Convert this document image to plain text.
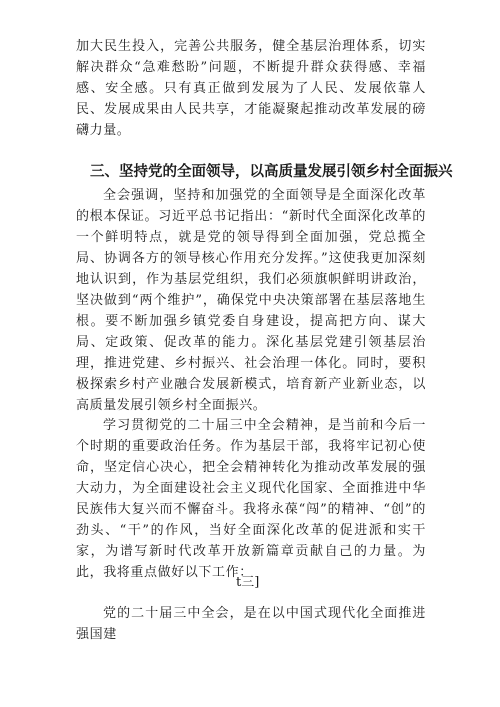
加大民生投入，完善公共服务，健全基层治理体系，切实解决群众“急难愁盼”问题，不断提升群众获得感、幸福感、安全感。只有真正做到发展为了人民、发展依靠人民、发展成果由人民共享，才能凝聚起推动改革发展的磅礴力量。

三、坚持党的全面领导，以高质量发展引领乡村全面振兴

全会强调，坚持和加强党的全面领导是全面深化改革的根本保证。习近平总书记指出：“新时代全面深化改革的一个鲜明特点，就是党的领导得到全面加强，党总揽全局、协调各方的领导核心作用充分发挥。”这使我更加深刻地认识到，作为基层党组织，我们必须旗帜鲜明讲政治，坚决做到“两个维护”，确保党中央决策部署在基层落地生根。要不断加强乡镇党委自身建设，提高把方向、谋大局、定政策、促改革的能力。深化基层党建引领基层治理，推进党建、乡村振兴、社会治理一体化。同时，要积极探索乡村产业融合发展新模式，培育新产业新业态，以高质量发展引领乡村全面振兴。

学习贯彻党的二十届三中全会精神，是当前和今后一个时期的重要政治任务。作为基层干部，我将牢记初心使命，坚定信心决心，把全会精神转化为推动改革发展的强大动力，为全面建设社会主义现代化国家、全面推进中华民族伟大复兴而不懈奋斗。我将永葆“闯”的精神、“创”的劲头、“干”的作风，当好全面深化改革的促进派和实干家，为谱写新时代改革开放新篇章贡献自己的力量。为此，我将重点做好以下工作：

t三]

党的二十届三中全会，是在以中国式现代化全面推进强国建
